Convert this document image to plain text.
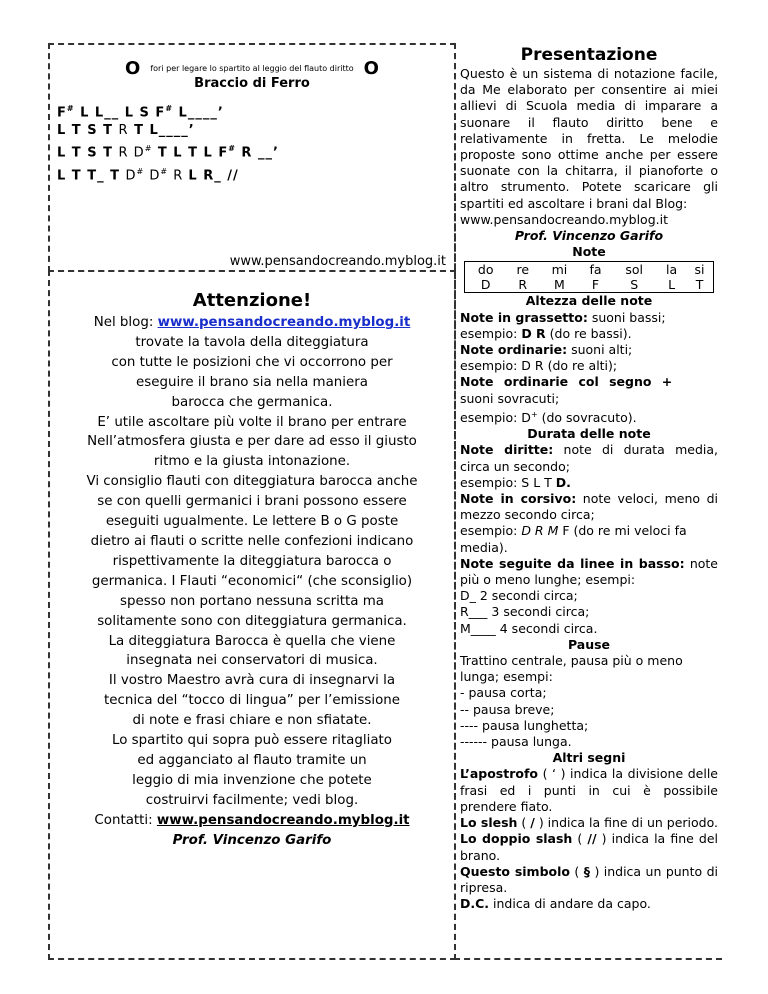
O fori per legare lo spartito al leggio del flauto diritto O
Braccio di Ferro
F# L L__ L S F# L____’
L T S T R T L____’
L T S T R D# T L T L F# R __’
L T T_ T D# D# R L R_ //
www.pensandocreando.myblog.it
Attenzione!
Nel blog: www.pensandocreando.myblog.it
trovate la tavola della diteggiatura
con tutte le posizioni che vi occorrono per
eseguire il brano sia nella maniera
barocca che germanica.
E’ utile ascoltare più volte il brano per entrare
Nell’atmosfera giusta e per dare ad esso il giusto
ritmo e la giusta intonazione.
Vi consiglio flauti con diteggiatura barocca anche
se con quelli germanici i brani possono essere
eseguiti ugualmente. Le lettere B o G poste
dietro ai flauti o scritte nelle confezioni indicano
rispettivamente la diteggiatura barocca o
germanica. I Flauti “economici“ (che sconsiglio)
spesso non portano nessuna scritta ma
solitamente sono con diteggiatura germanica.
La diteggiatura Barocca è quella che viene
insegnata nei conservatori di musica.
Il vostro Maestro avrà cura di insegnarvi la
tecnica del “tocco di lingua” per l’emissione
di note e frasi chiare e non sfiatate.
Lo spartito qui sopra può essere ritagliato
ed agganciato al flauto tramite un
leggio di mia invenzione che potete
costruirvi facilmente; vedi blog.
Contatti: www.pensandocreando.myblog.it
Prof. Vincenzo Garifo
Presentazione

Questo è un sistema di notazione facile, da Me elaborato per consentire ai miei allievi di Scuola media di imparare a suonare il flauto diritto bene e relativamente in fretta. Le melodie proposte sono ottime anche per essere suonate con la chitarra, il pianoforte o altro strumento. Potete scaricare gli spartiti ed ascoltare i brani dal Blog:

www.pensandocreando.myblog.it

Prof. Vincenzo Garifo

Note

do	re	mi	fa	sol	la	si
D	R	M	F	S	L	T

Altezza delle note

Note in grassetto: suoni bassi;

esempio: D R (do re bassi).

Note ordinarie: suoni alti;

esempio: D R (do re alti);

Note ordinarie col segno +

suoni sovracuti;

esempio: D+ (do sovracuto).

Durata delle note

Note diritte: note di durata media, circa un secondo;

esempio: S L T D.

Note in corsivo: note veloci, meno di mezzo secondo circa;

esempio: D R M F (do re mi veloci fa media).

Note seguite da linee in basso: note più o meno lunghe; esempi:

D_ 2 secondi circa;

R___ 3 secondi circa;

M____ 4 secondi circa.

Pause

Trattino centrale, pausa più o meno lunga; esempi:

- pausa corta;

-- pausa breve;

---- pausa lunghetta;

------ pausa lunga.

Altri segni

L’apostrofo ( ‘ ) indica la divisione delle frasi ed i punti in cui è possibile prendere fiato.

Lo slesh ( / ) indica la fine di un periodo.

Lo doppio slash ( // ) indica la fine del brano.

Questo simbolo ( § ) indica un punto di ripresa.

D.C. indica di andare da capo.
